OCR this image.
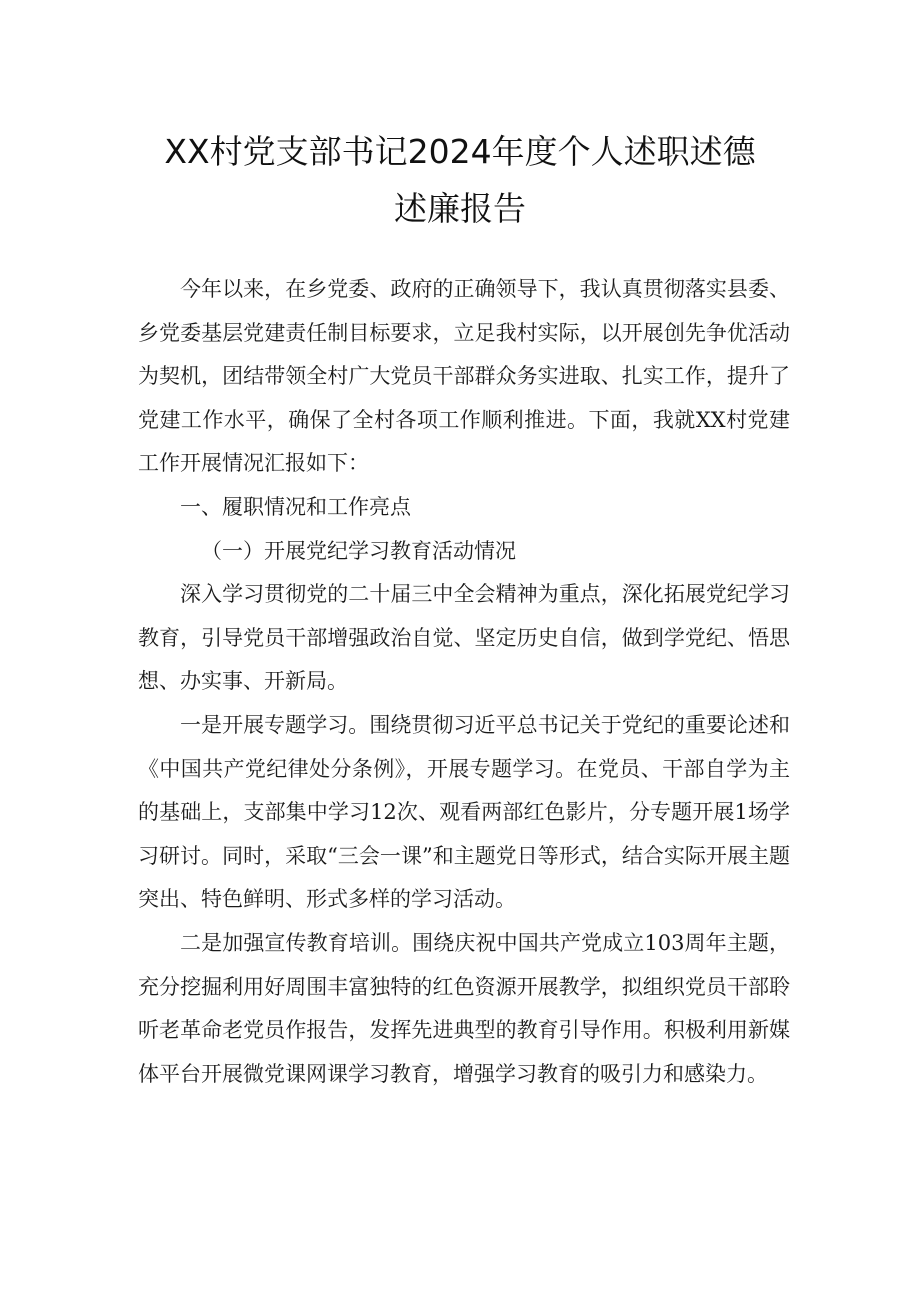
XX村党支部书记2024年度个人述职述德
述廉报告

今年以来，在乡党委、政府的正确领导下，我认真贯彻落实县委、乡党委基层党建责任制目标要求，立足我村实际，以开展创先争优活动为契机，团结带领全村广大党员干部群众务实进取、扎实工作，提升了党建工作水平，确保了全村各项工作顺利推进。下面，我就XX村党建工作开展情况汇报如下：

一、履职情况和工作亮点

（一）开展党纪学习教育活动情况

深入学习贯彻党的二十届三中全会精神为重点，深化拓展党纪学习教育，引导党员干部增强政治自觉、坚定历史自信，做到学党纪、悟思想、办实事、开新局。

一是开展专题学习。围绕贯彻习近平总书记关于党纪的重要论述和《中国共产党纪律处分条例》，开展专题学习。在党员、干部自学为主的基础上，支部集中学习12次、观看两部红色影片，分专题开展1场学习研讨。同时，采取“三会一课”和主题党日等形式，结合实际开展主题突出、特色鲜明、形式多样的学习活动。

二是加强宣传教育培训。围绕庆祝中国共产党成立103周年主题，充分挖掘利用好周围丰富独特的红色资源开展教学，拟组织党员干部聆听老革命老党员作报告，发挥先进典型的教育引导作用。积极利用新媒体平台开展微党课网课学习教育，增强学习教育的吸引力和感染力。
